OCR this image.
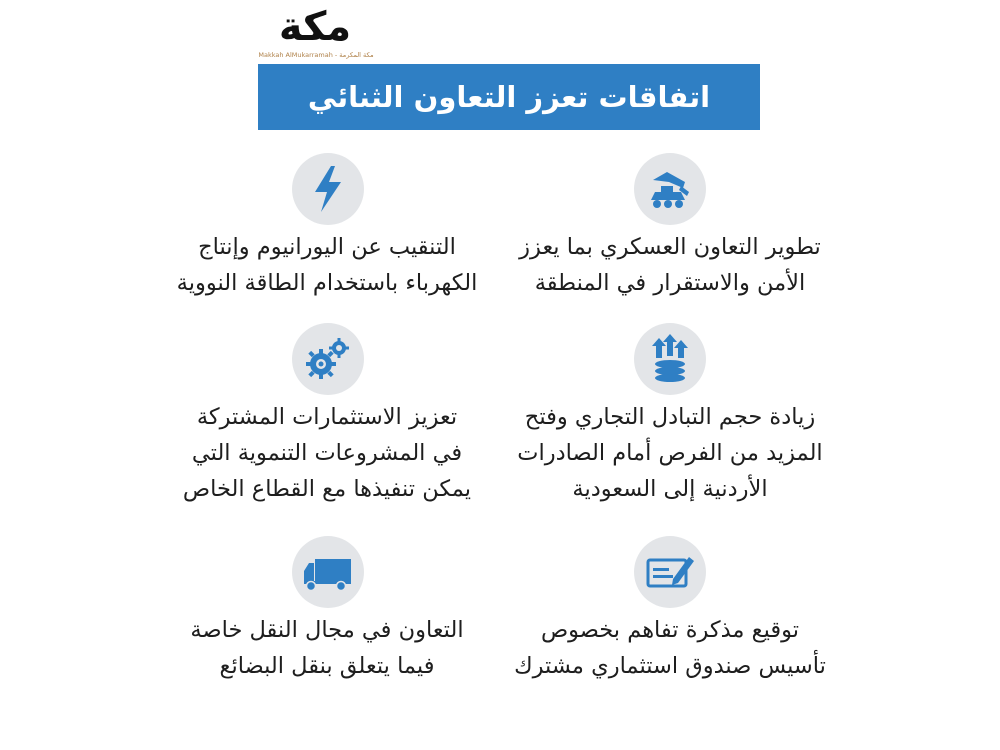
مكة
Makkah AlMukarramah - مكة المكرمة
اتفاقات تعزز التعاون الثنائي
تطوير التعاون العسكري بما يعزز
الأمن والاستقرار في المنطقة
التنقيب عن اليورانيوم وإنتاج
الكهرباء باستخدام الطاقة النووية
زيادة حجم التبادل التجاري وفتح
المزيد من الفرص أمام الصادرات
الأردنية إلى السعودية
تعزيز الاستثمارات المشتركة
في المشروعات التنموية التي
يمكن تنفيذها مع القطاع الخاص
توقيع مذكرة تفاهم بخصوص
تأسيس صندوق استثماري مشترك
التعاون في مجال النقل خاصة
فيما يتعلق بنقل البضائع
